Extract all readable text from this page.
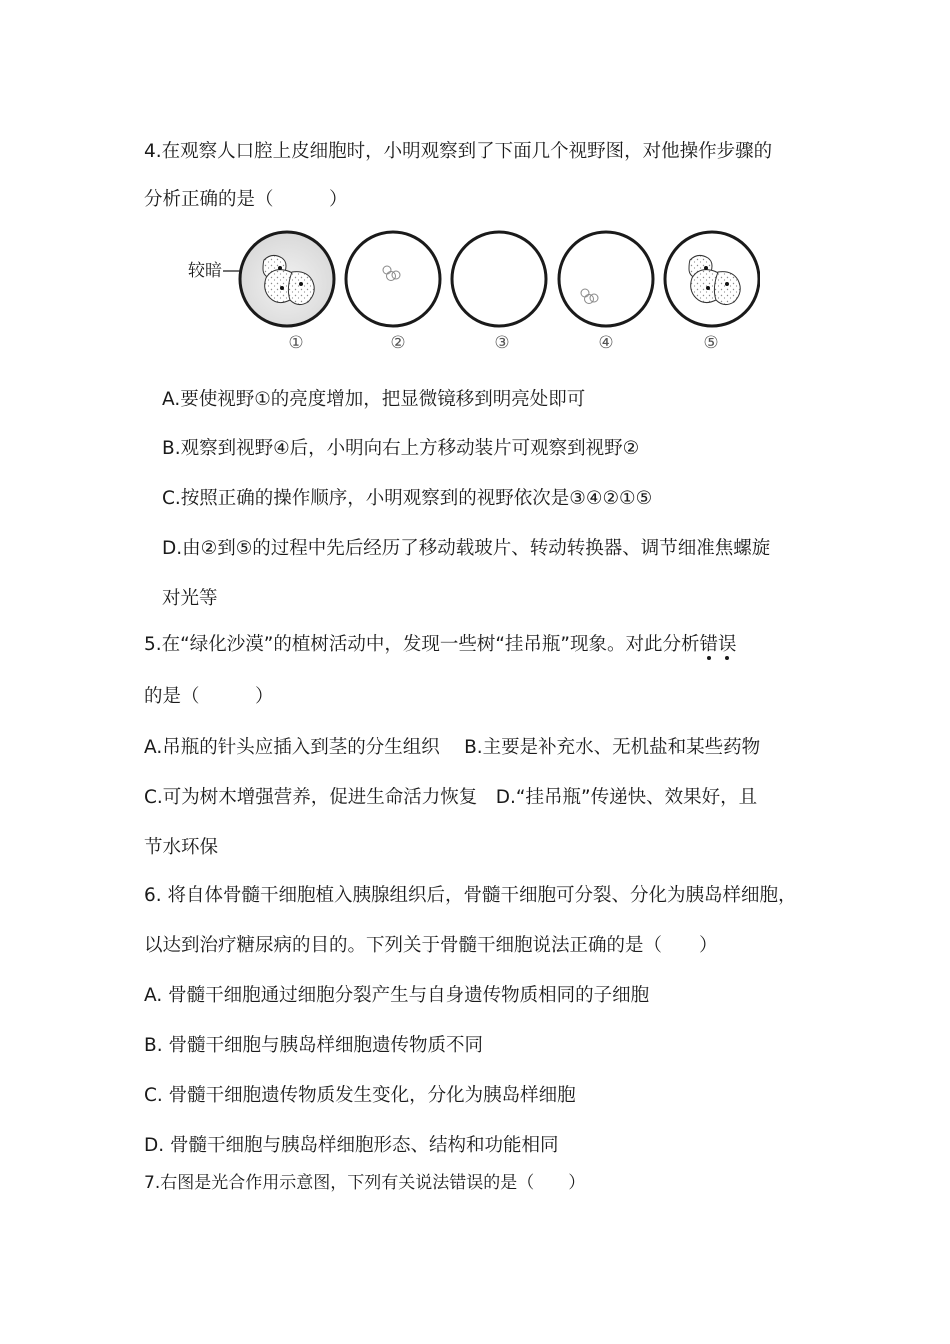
4.在观察人口腔上皮细胞时，小明观察到了下面几个视野图，对他操作步骤的
分析正确的是（　　　）
较暗
①	②	③	④	⑤
A.要使视野①的亮度增加，把显微镜移到明亮处即可
B.观察到视野④后，小明向右上方移动装片可观察到视野②
C.按照正确的操作顺序，小明观察到的视野依次是③④②①⑤
D.由②到⑤的过程中先后经历了移动载玻片、转动转换器、调节细准焦螺旋
对光等
5.在“绿化沙漠”的植树活动中，发现一些树“挂吊瓶”现象。对此分析错误
的是（　　　）
A.吊瓶的针头应插入到茎的分生组织　 B.主要是补充水、无机盐和某些药物
C.可为树木增强营养，促进生命活力恢复　D.“挂吊瓶”传递快、效果好，且
节水环保
6. 将自体骨髓干细胞植入胰腺组织后，骨髓干细胞可分裂、分化为胰岛样细胞，
以达到治疗糖尿病的目的。下列关于骨髓干细胞说法正确的是（　　）
A. 骨髓干细胞通过细胞分裂产生与自身遗传物质相同的子细胞
B. 骨髓干细胞与胰岛样细胞遗传物质不同
C. 骨髓干细胞遗传物质发生变化，分化为胰岛样细胞
D. 骨髓干细胞与胰岛样细胞形态、结构和功能相同
7.右图是光合作用示意图，下列有关说法错误的是（　　）
